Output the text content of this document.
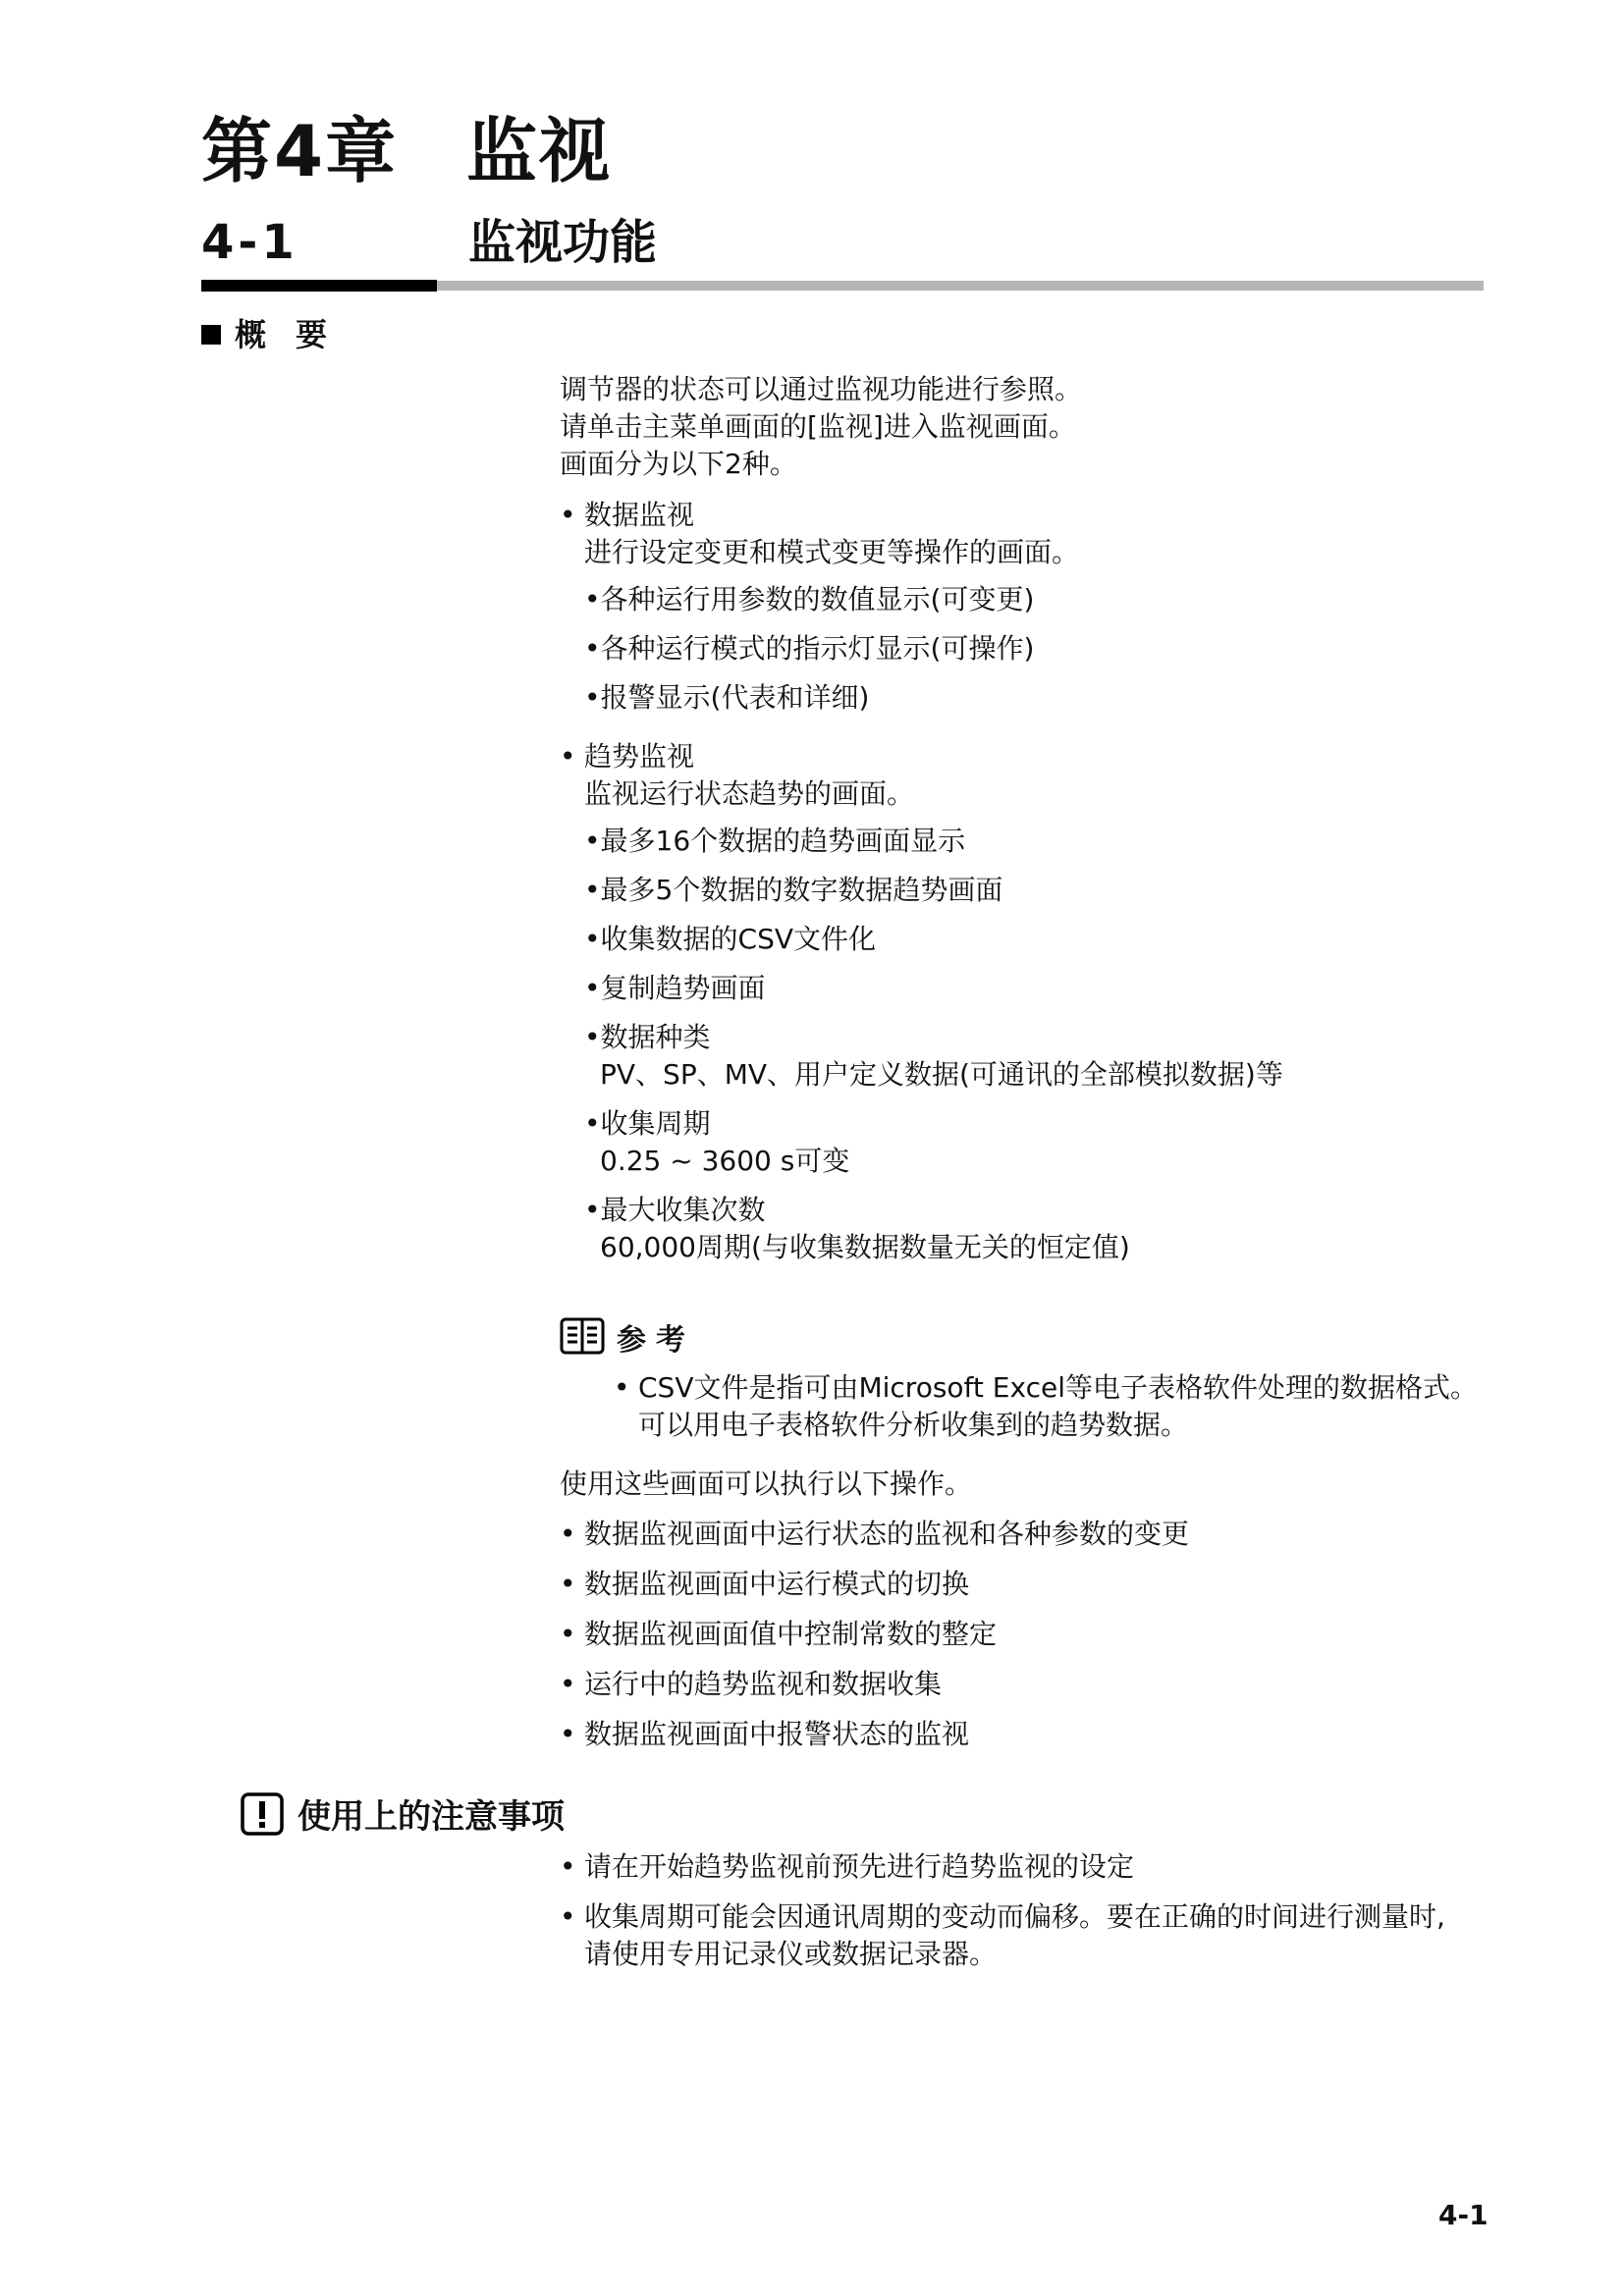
第4章 监视
4-1	监视功能
概要
调节器的状态可以通过监视功能进行参照。
请单击主菜单画面的[监视]进入监视画面。
画面分为以下2种。
• 数据监视
进行设定变更和模式变更等操作的画面。
•各种运行用参数的数值显示(可变更)
•各种运行模式的指示灯显示(可操作)
•报警显示(代表和详细)
• 趋势监视
监视运行状态趋势的画面。
•最多16个数据的趋势画面显示
•最多5个数据的数字数据趋势画面
•收集数据的CSV文件化
•复制趋势画面
•数据种类
PV、SP、MV、用户定义数据(可通讯的全部模拟数据)等
•收集周期
0.25 ~ 3600 s可变
•最大收集次数
60,000周期(与收集数据数量无关的恒定值)
参考
• CSV文件是指可由Microsoft Excel等电子表格软件处理的数据格式。
可以用电子表格软件分析收集到的趋势数据。
使用这些画面可以执行以下操作。
• 数据监视画面中运行状态的监视和各种参数的变更
• 数据监视画面中运行模式的切换
• 数据监视画面值中控制常数的整定
• 运行中的趋势监视和数据收集
• 数据监视画面中报警状态的监视
使用上的注意事项
• 请在开始趋势监视前预先进行趋势监视的设定
• 收集周期可能会因通讯周期的变动而偏移。要在正确的时间进行测量时,
请使用专用记录仪或数据记录器。
4-1
